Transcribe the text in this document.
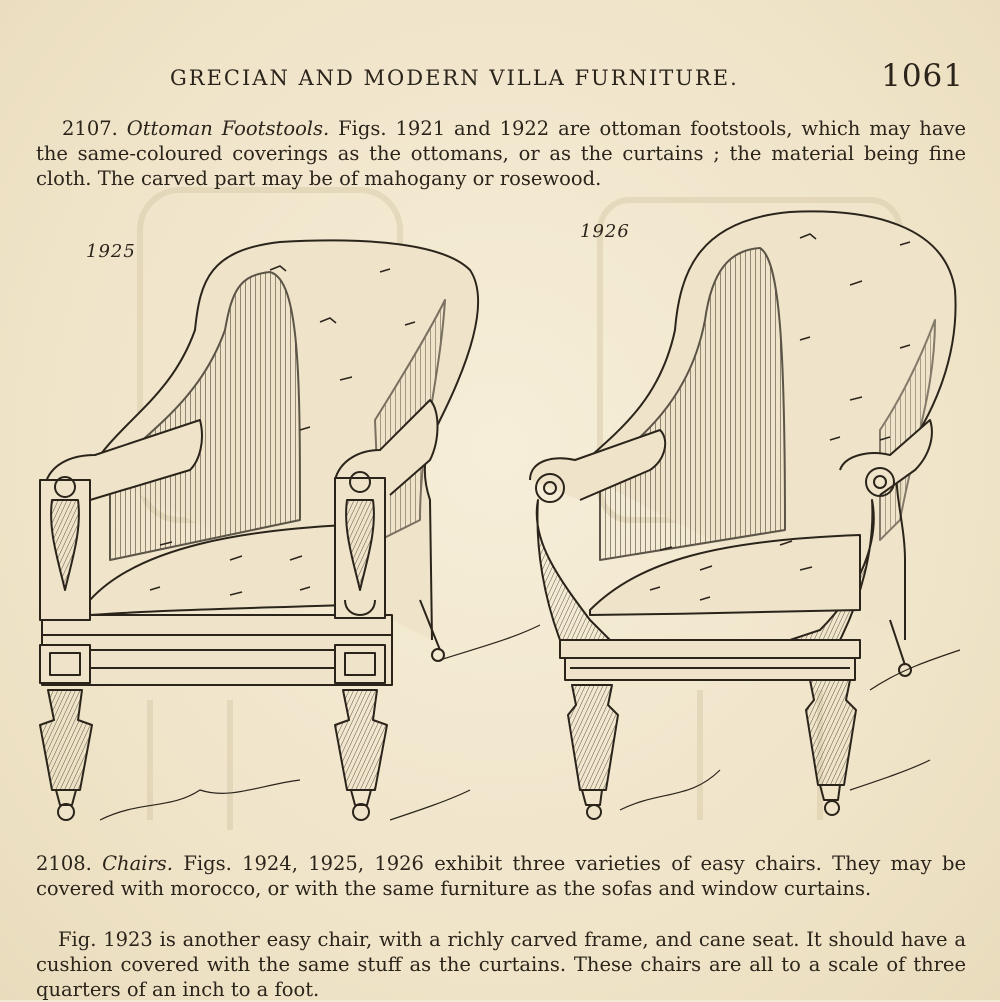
GRECIAN AND MODERN VILLA FURNITURE.	1061

2107. Ottoman Footstools. Figs. 1921 and 1922 are ottoman footstools, which may have the same-coloured coverings as the ottomans, or as the curtains ; the material being fine cloth. The carved part may be of mahogany or rosewood.

1925
1926

2108. Chairs. Figs. 1924, 1925, 1926 exhibit three varieties of easy chairs. They may be covered with morocco, or with the same furniture as the sofas and window curtains.

Fig. 1923 is another easy chair, with a richly carved frame, and cane seat. It should have a cushion covered with the same stuff as the curtains. These chairs are all to a scale of three quarters of an inch to a foot.
